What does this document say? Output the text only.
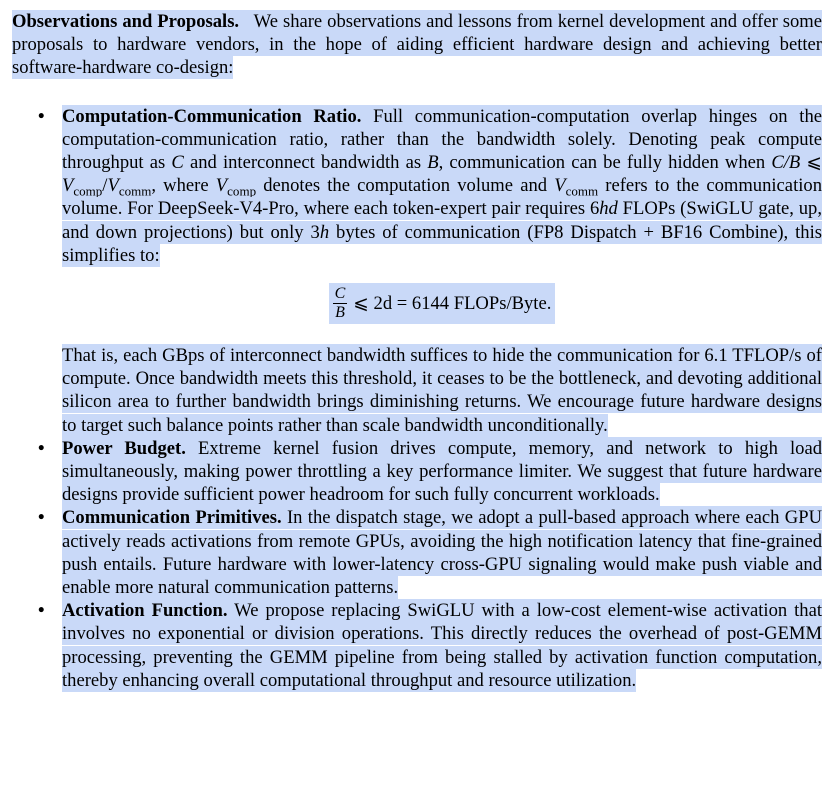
Observations and Proposals. We share observations and lessons from kernel development and offer some proposals to hardware vendors, in the hope of aiding efficient hardware design and achieving better software-hardware co-design:

• Computation-Communication Ratio. Full communication-computation overlap hinges on the computation-communication ratio, rather than the bandwidth solely. Denoting peak compute throughput as C and interconnect bandwidth as B, communication can be fully hidden when C/B ⩽ $V_{comp}/V_{comm}$, where $V_{comp}$ denotes the computation volume and $V_{comm}$ refers to the communication volume. For DeepSeek-V4-Pro, where each token-expert pair requires 6hd FLOPs (SwiGLU gate, up, and down projections) but only 3h bytes of communication (FP8 Dispatch + BF16 Combine), this simplifies to:
$\frac{C}{B}$ ⩽ 2d = 6144 FLOPs/Byte.
That is, each GBps of interconnect bandwidth suffices to hide the communication for 6.1 TFLOP/s of compute. Once bandwidth meets this threshold, it ceases to be the bottleneck, and devoting additional silicon area to further bandwidth brings diminishing returns. We encourage future hardware designs to target such balance points rather than scale bandwidth unconditionally.
• Power Budget. Extreme kernel fusion drives compute, memory, and network to high load simultaneously, making power throttling a key performance limiter. We suggest that future hardware designs provide sufficient power headroom for such fully concurrent workloads.
• Communication Primitives. In the dispatch stage, we adopt a pull-based approach where each GPU actively reads activations from remote GPUs, avoiding the high notification latency that fine-grained push entails. Future hardware with lower-latency cross-GPU signaling would make push viable and enable more natural communication patterns.
• Activation Function. We propose replacing SwiGLU with a low-cost element-wise activation that involves no exponential or division operations. This directly reduces the overhead of post-GEMM processing, preventing the GEMM pipeline from being stalled by activation function computation, thereby enhancing overall computational throughput and resource utilization.
